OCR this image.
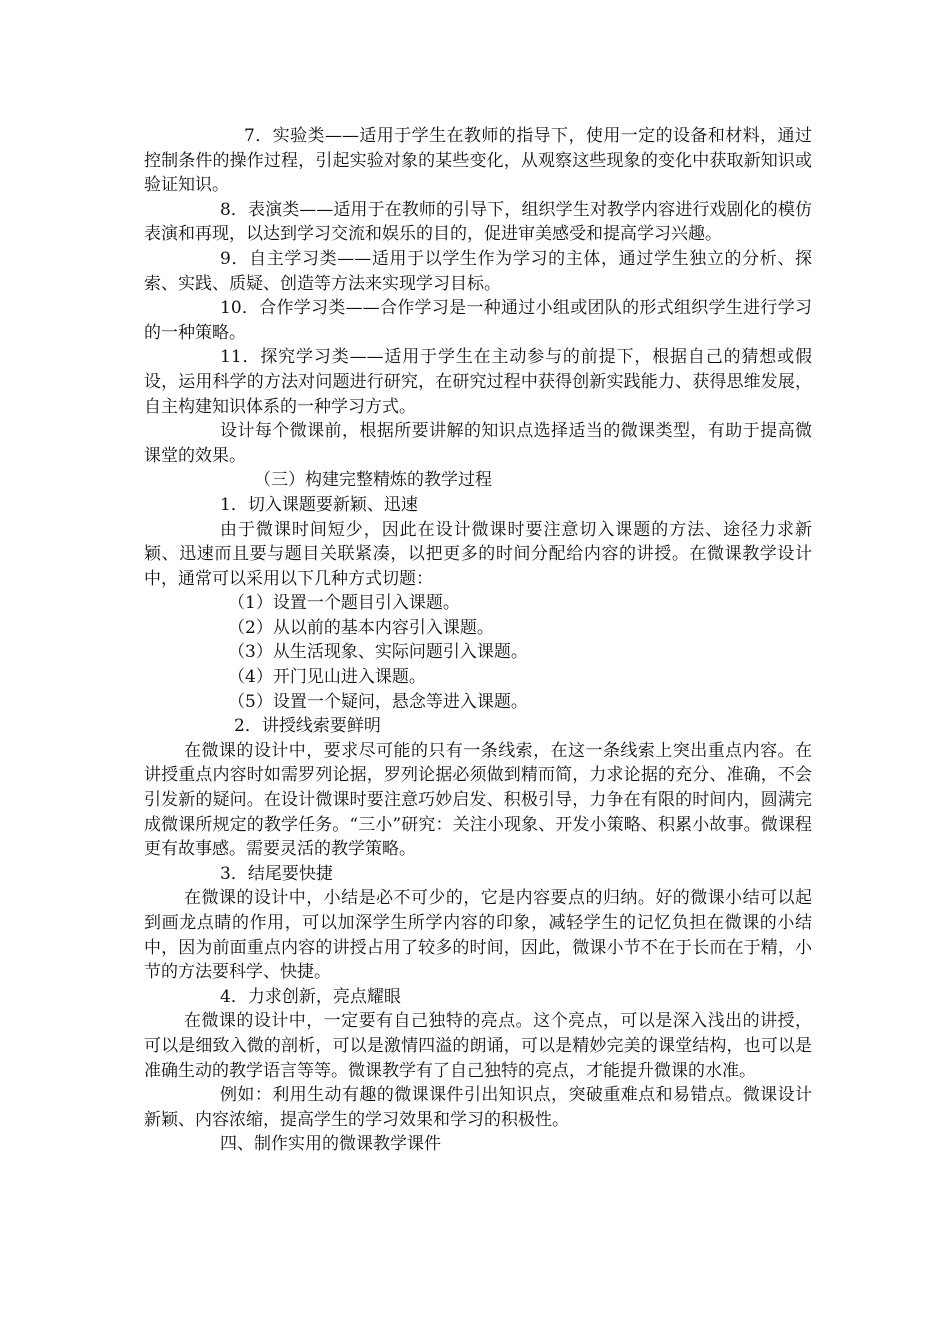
7．实验类——适用于学生在教师的指导下，使用一定的设备和材料，通过控制条件的操作过程，引起实验对象的某些变化，从观察这些现象的变化中获取新知识或验证知识。

8．表演类——适用于在教师的引导下，组织学生对教学内容进行戏剧化的模仿表演和再现，以达到学习交流和娱乐的目的，促进审美感受和提高学习兴趣。

9．自主学习类——适用于以学生作为学习的主体，通过学生独立的分析、探索、实践、质疑、创造等方法来实现学习目标。

10．合作学习类——合作学习是一种通过小组或团队的形式组织学生进行学习的一种策略。

11．探究学习类——适用于学生在主动参与的前提下，根据自己的猜想或假设，运用科学的方法对问题进行研究，在研究过程中获得创新实践能力、获得思维发展，自主构建知识体系的一种学习方式。

设计每个微课前，根据所要讲解的知识点选择适当的微课类型，有助于提高微课堂的效果。

（三）构建完整精炼的教学过程

1．切入课题要新颖、迅速

由于微课时间短少，因此在设计微课时要注意切入课题的方法、途径力求新颖、迅速而且要与题目关联紧凑，以把更多的时间分配给内容的讲授。在微课教学设计中，通常可以采用以下几种方式切题：

（1）设置一个题目引入课题。

（2）从以前的基本内容引入课题。

（3）从生活现象、实际问题引入课题。

（4）开门见山进入课题。

（5）设置一个疑问，悬念等进入课题。

2．讲授线索要鲜明

在微课的设计中，要求尽可能的只有一条线索，在这一条线索上突出重点内容。在讲授重点内容时如需罗列论据，罗列论据必须做到精而简，力求论据的充分、准确，不会引发新的疑问。在设计微课时要注意巧妙启发、积极引导，力争在有限的时间内，圆满完成微课所规定的教学任务。“三小”研究：关注小现象、开发小策略、积累小故事。微课程更有故事感。需要灵活的教学策略。

3．结尾要快捷

在微课的设计中，小结是必不可少的，它是内容要点的归纳。好的微课小结可以起到画龙点睛的作用，可以加深学生所学内容的印象，减轻学生的记忆负担在微课的小结中，因为前面重点内容的讲授占用了较多的时间，因此，微课小节不在于长而在于精，小节的方法要科学、快捷。

4．力求创新，亮点耀眼

在微课的设计中，一定要有自己独特的亮点。这个亮点，可以是深入浅出的讲授，可以是细致入微的剖析，可以是激情四溢的朗诵，可以是精妙完美的课堂结构，也可以是准确生动的教学语言等等。微课教学有了自己独特的亮点，才能提升微课的水准。

例如：利用生动有趣的微课课件引出知识点，突破重难点和易错点。微课设计新颖、内容浓缩，提高学生的学习效果和学习的积极性。

四、制作实用的微课教学课件
